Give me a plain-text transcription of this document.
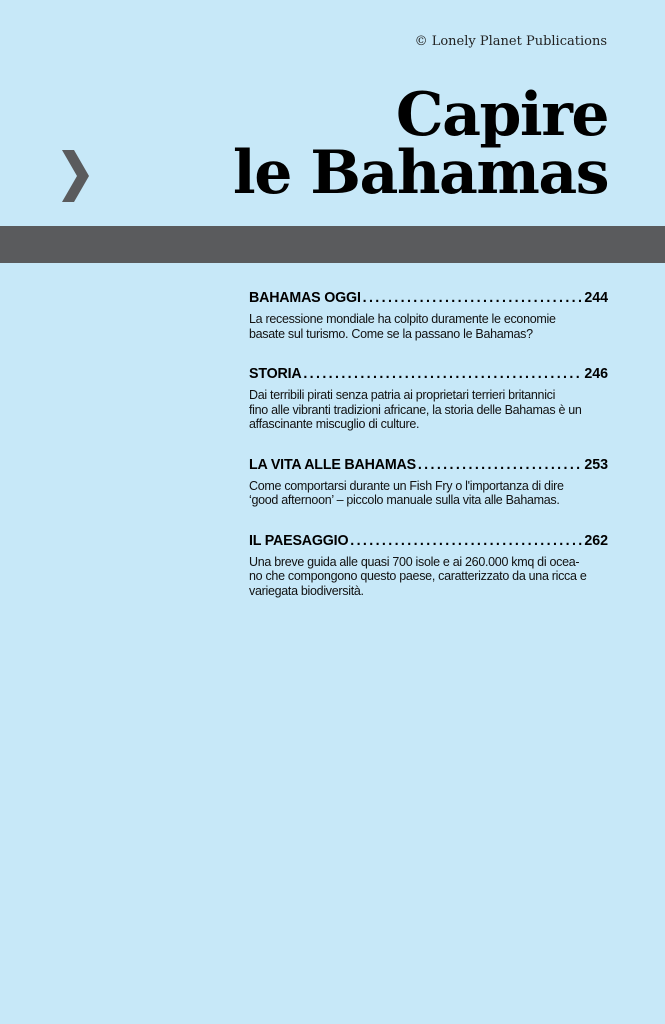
© Lonely Planet Publications
Capire
le Bahamas
BAHAMAS OGGI .....	244
La recessione mondiale ha colpito duramente le economie
basate sul turismo. Come se la passano le Bahamas?
STORIA .....	246
Dai terribili pirati senza patria ai proprietari terrieri britannici
fino alle vibranti tradizioni africane, la storia delle Bahamas è un
affascinante miscuglio di culture.
LA VITA ALLE BAHAMAS .....	253
Come comportarsi durante un Fish Fry o l'importanza di dire
‘good afternoon’ – piccolo manuale sulla vita alle Bahamas.
IL PAESAGGIO .....	262
Una breve guida alle quasi 700 isole e ai 260.000 kmq di ocea-
no che compongono questo paese, caratterizzato da una ricca e
variegata biodiversità.
